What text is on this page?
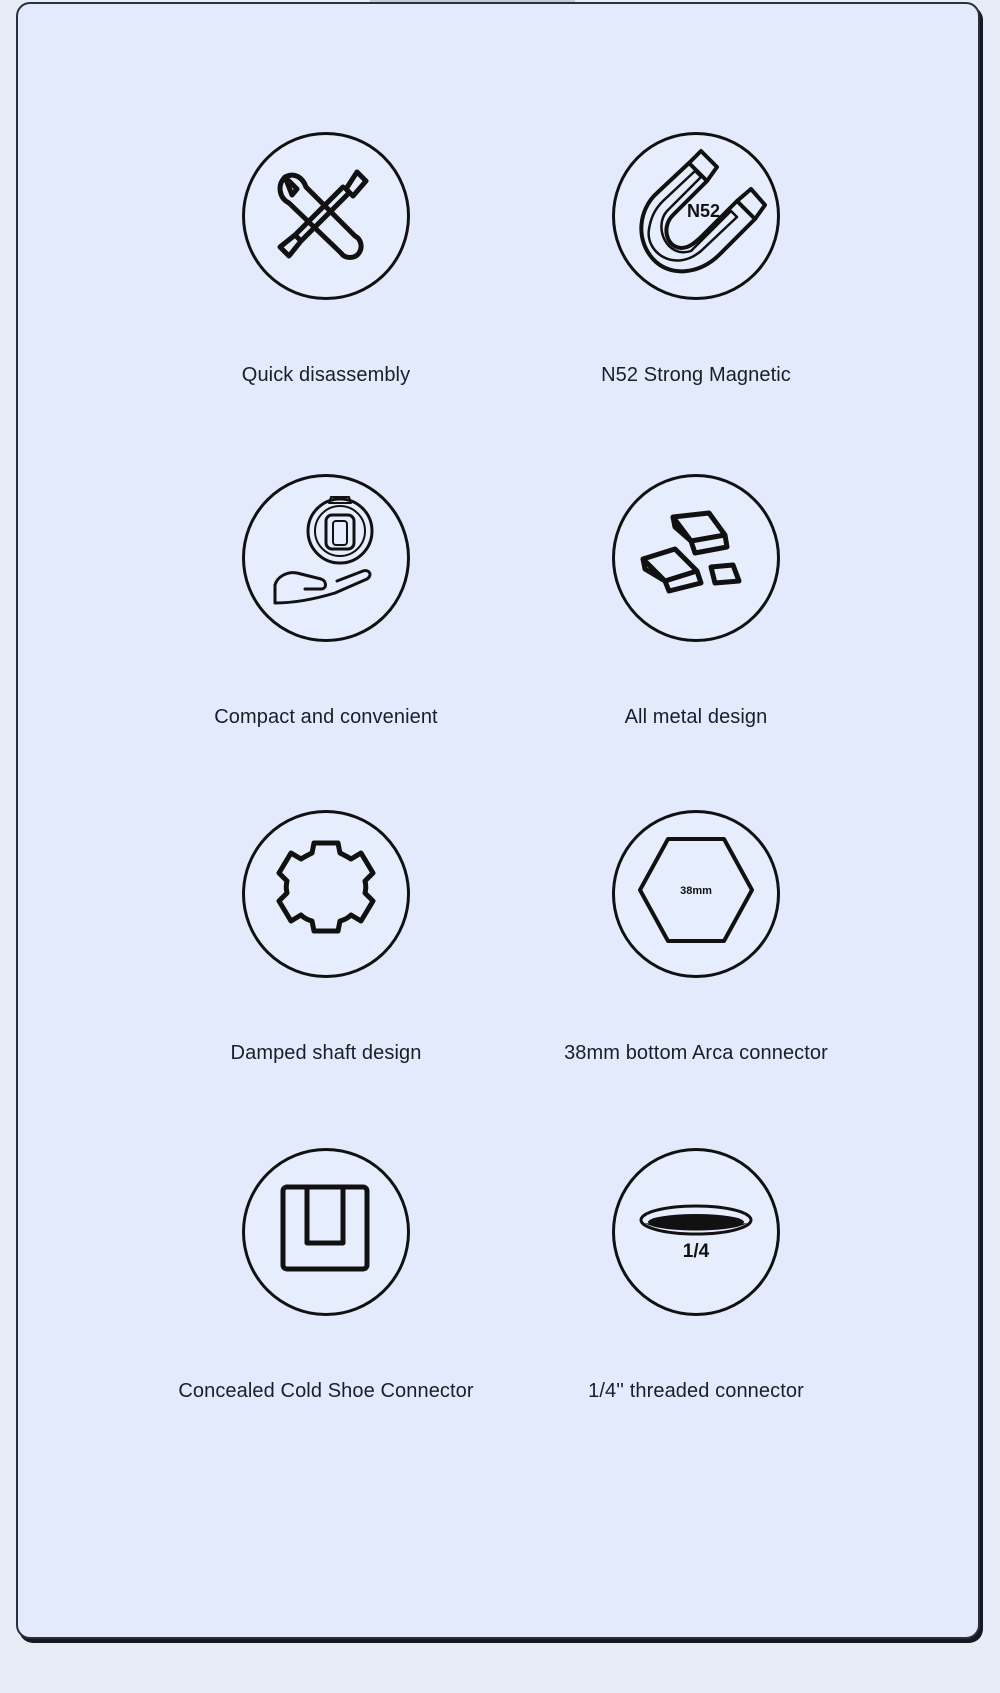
Quick disassembly
N52
N52 Strong Magnetic
Compact and convenient	All metal design
Damped shaft design
38mm
38mm bottom Arca connector
Concealed Cold Shoe Connector
1/4
1/4'' threaded connector
